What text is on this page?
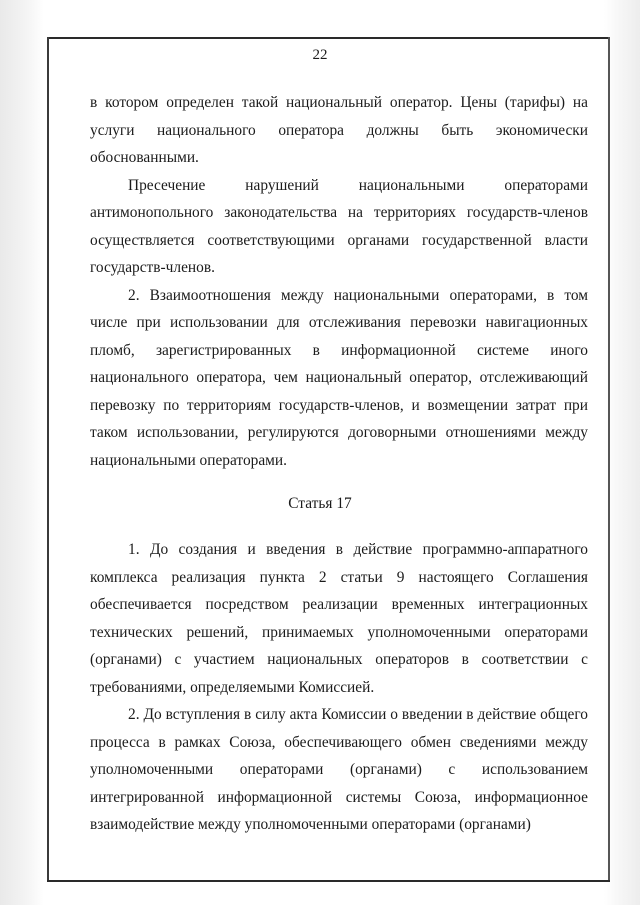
22

в котором определен такой национальный оператор. Цены (тарифы) на услуги национального оператора должны быть экономически обоснованными.

Пресечение нарушений национальными операторами антимонопольного законодательства на территориях государств-членов осуществляется соответствующими органами государственной власти государств-членов.

2. Взаимоотношения между национальными операторами, в том числе при использовании для отслеживания перевозки навигационных пломб, зарегистрированных в информационной системе иного национального оператора, чем национальный оператор, отслеживающий перевозку по территориям государств-членов, и возмещении затрат при таком использовании, регулируются договорными отношениями между национальными операторами.

Статья 17

1. До создания и введения в действие программно-аппаратного комплекса реализация пункта 2 статьи 9 настоящего Соглашения обеспечивается посредством реализации временных интеграционных технических решений, принимаемых уполномоченными операторами (органами) с участием национальных операторов в соответствии с требованиями, определяемыми Комиссией.

2. До вступления в силу акта Комиссии о введении в действие общего процесса в рамках Союза, обеспечивающего обмен сведениями между уполномоченными операторами (органами) с использованием интегрированной информационной системы Союза, информационное взаимодействие между уполномоченными операторами (органами)
